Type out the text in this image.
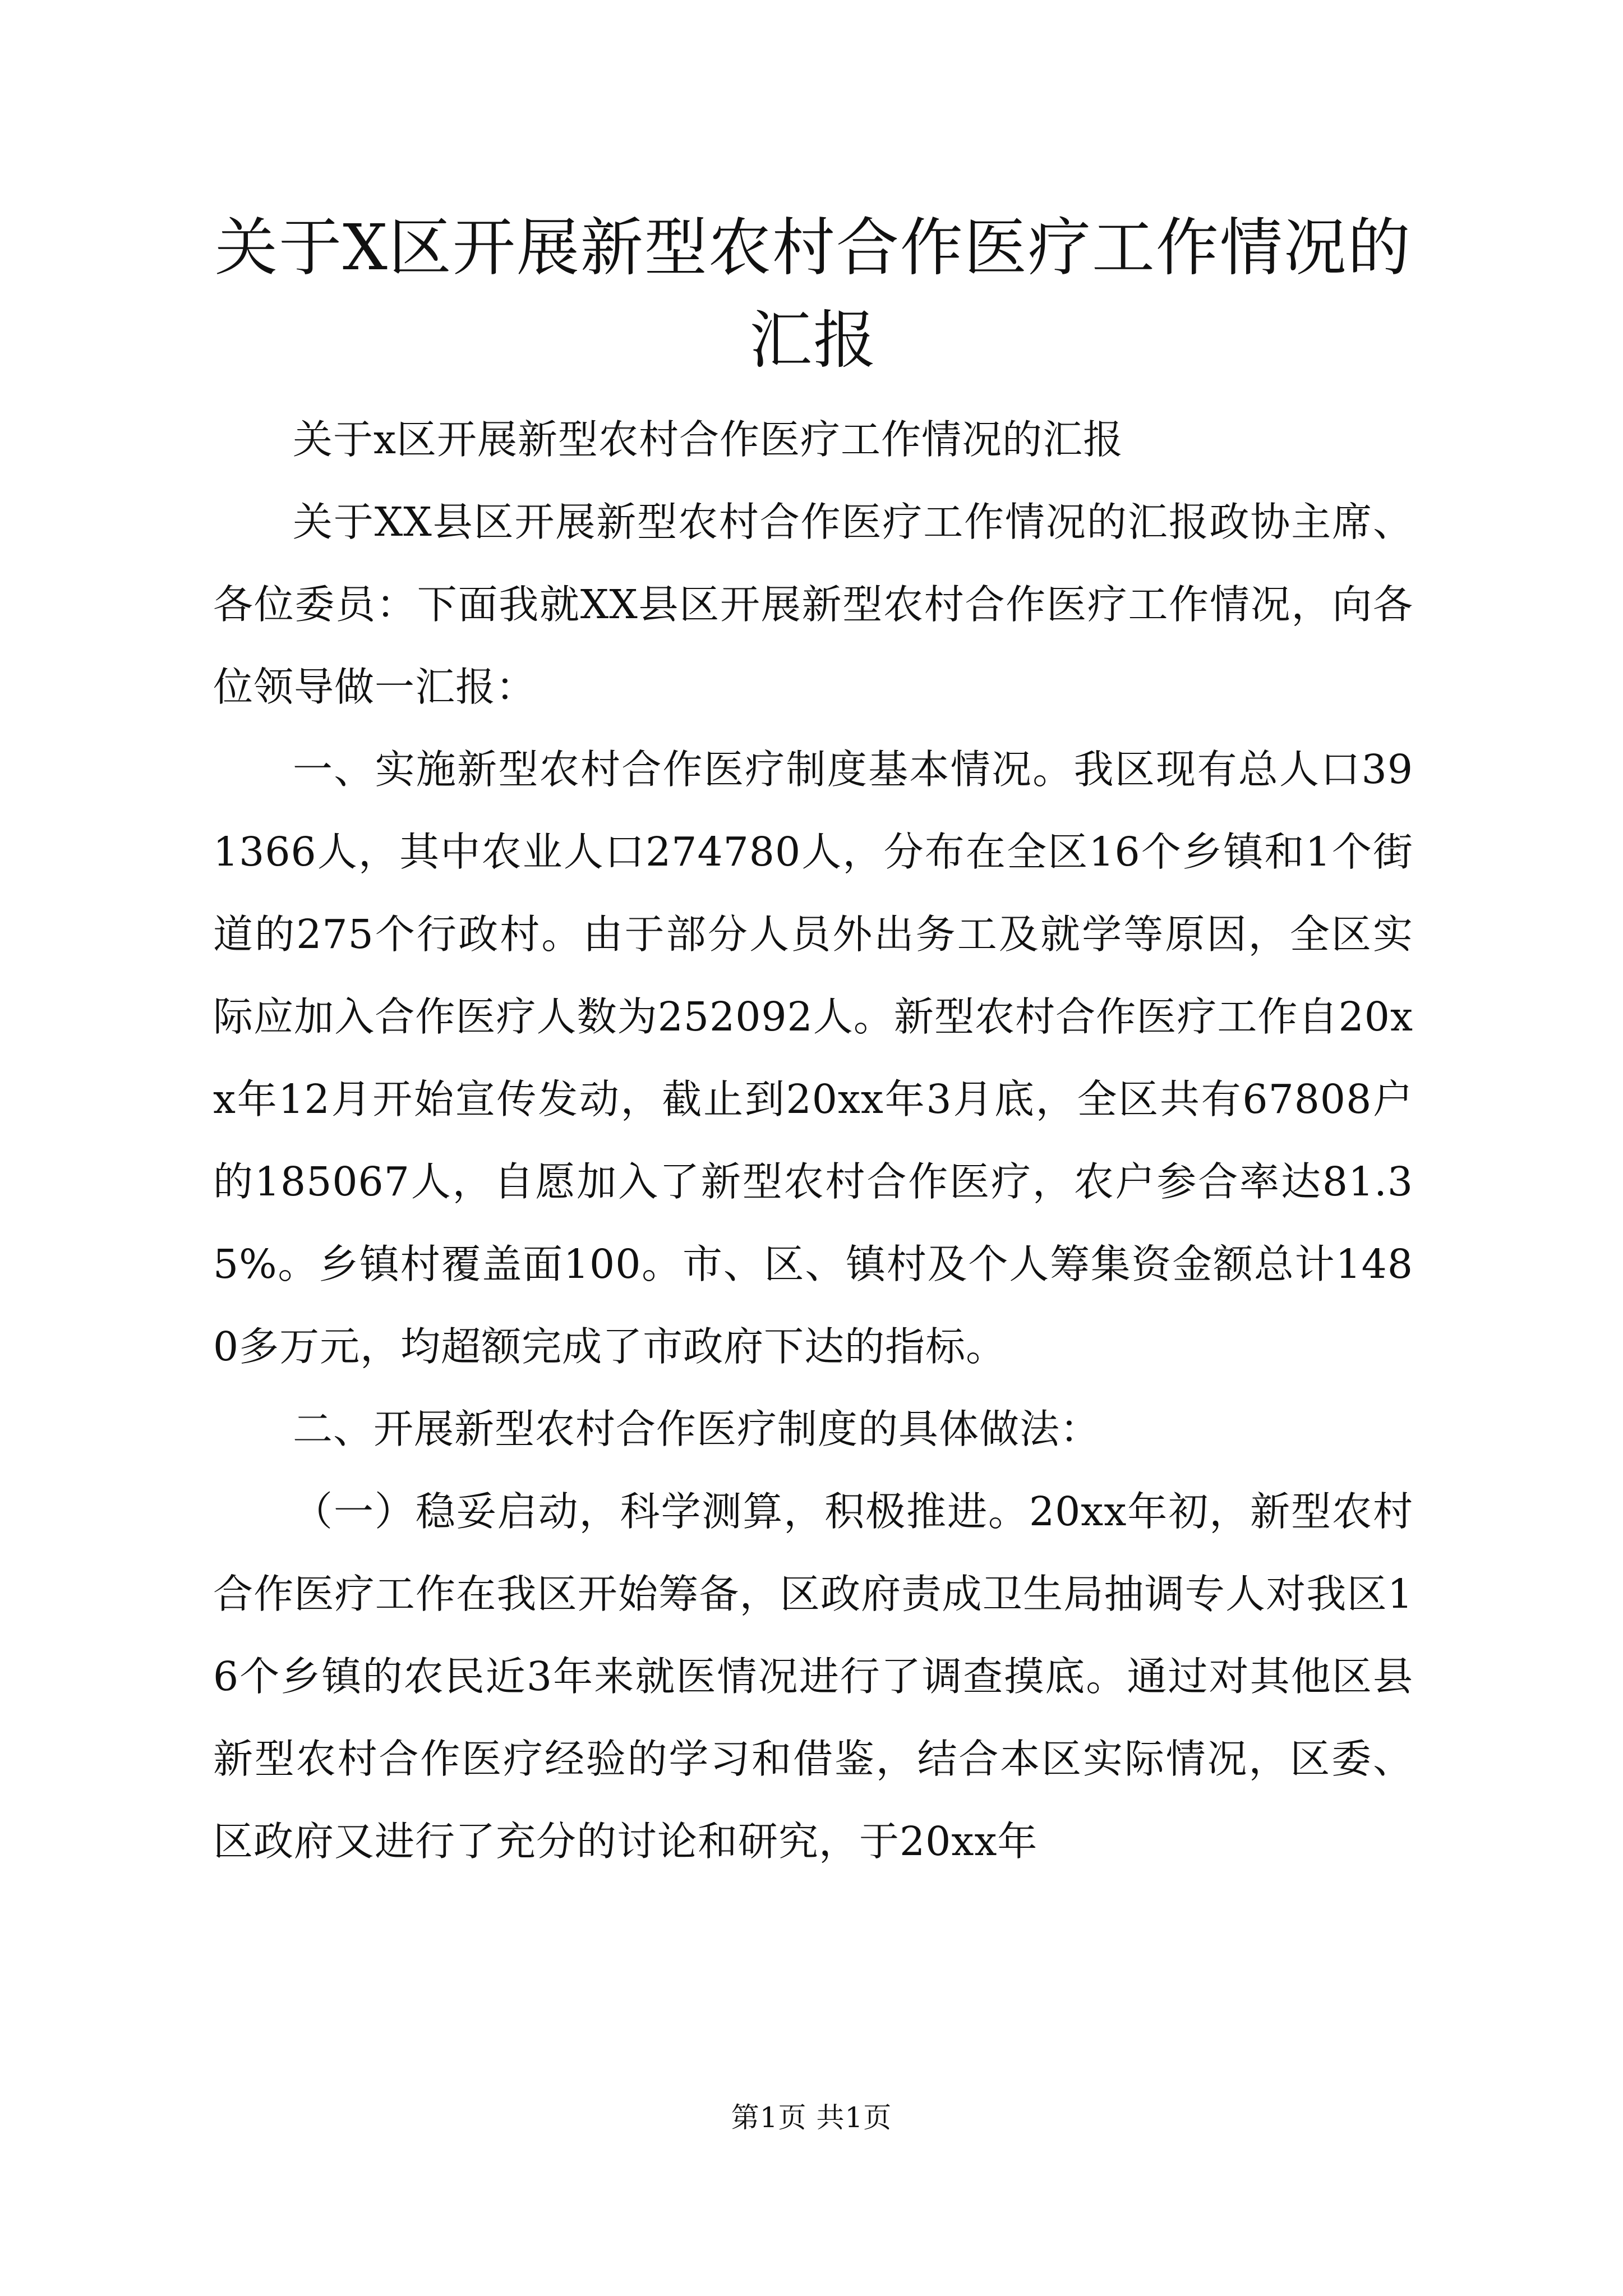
关于X区开展新型农村合作医疗工作情况的汇报

关于x区开展新型农村合作医疗工作情况的汇报

关于XX县区开展新型农村合作医疗工作情况的汇报政协主席、各位委员：下面我就XX县区开展新型农村合作医疗工作情况，向各位领导做一汇报：

一、实施新型农村合作医疗制度基本情况。我区现有总人口391366人，其中农业人口274780人，分布在全区16个乡镇和1个街道的275个行政村。由于部分人员外出务工及就学等原因，全区实际应加入合作医疗人数为252092人。新型农村合作医疗工作自20xx年12月开始宣传发动，截止到20xx年3月底，全区共有67808户的185067人，自愿加入了新型农村合作医疗，农户参合率达81.35%。乡镇村覆盖面100。市、区、镇村及个人筹集资金额总计1480多万元，均超额完成了市政府下达的指标。

二、开展新型农村合作医疗制度的具体做法：

（一）稳妥启动，科学测算，积极推进。20xx年初，新型农村合作医疗工作在我区开始筹备，区政府责成卫生局抽调专人对我区16个乡镇的农民近3年来就医情况进行了调查摸底。通过对其他区县新型农村合作医疗经验的学习和借鉴，结合本区实际情况，区委、区政府又进行了充分的讨论和研究，于20xx年

第1页 共1页
